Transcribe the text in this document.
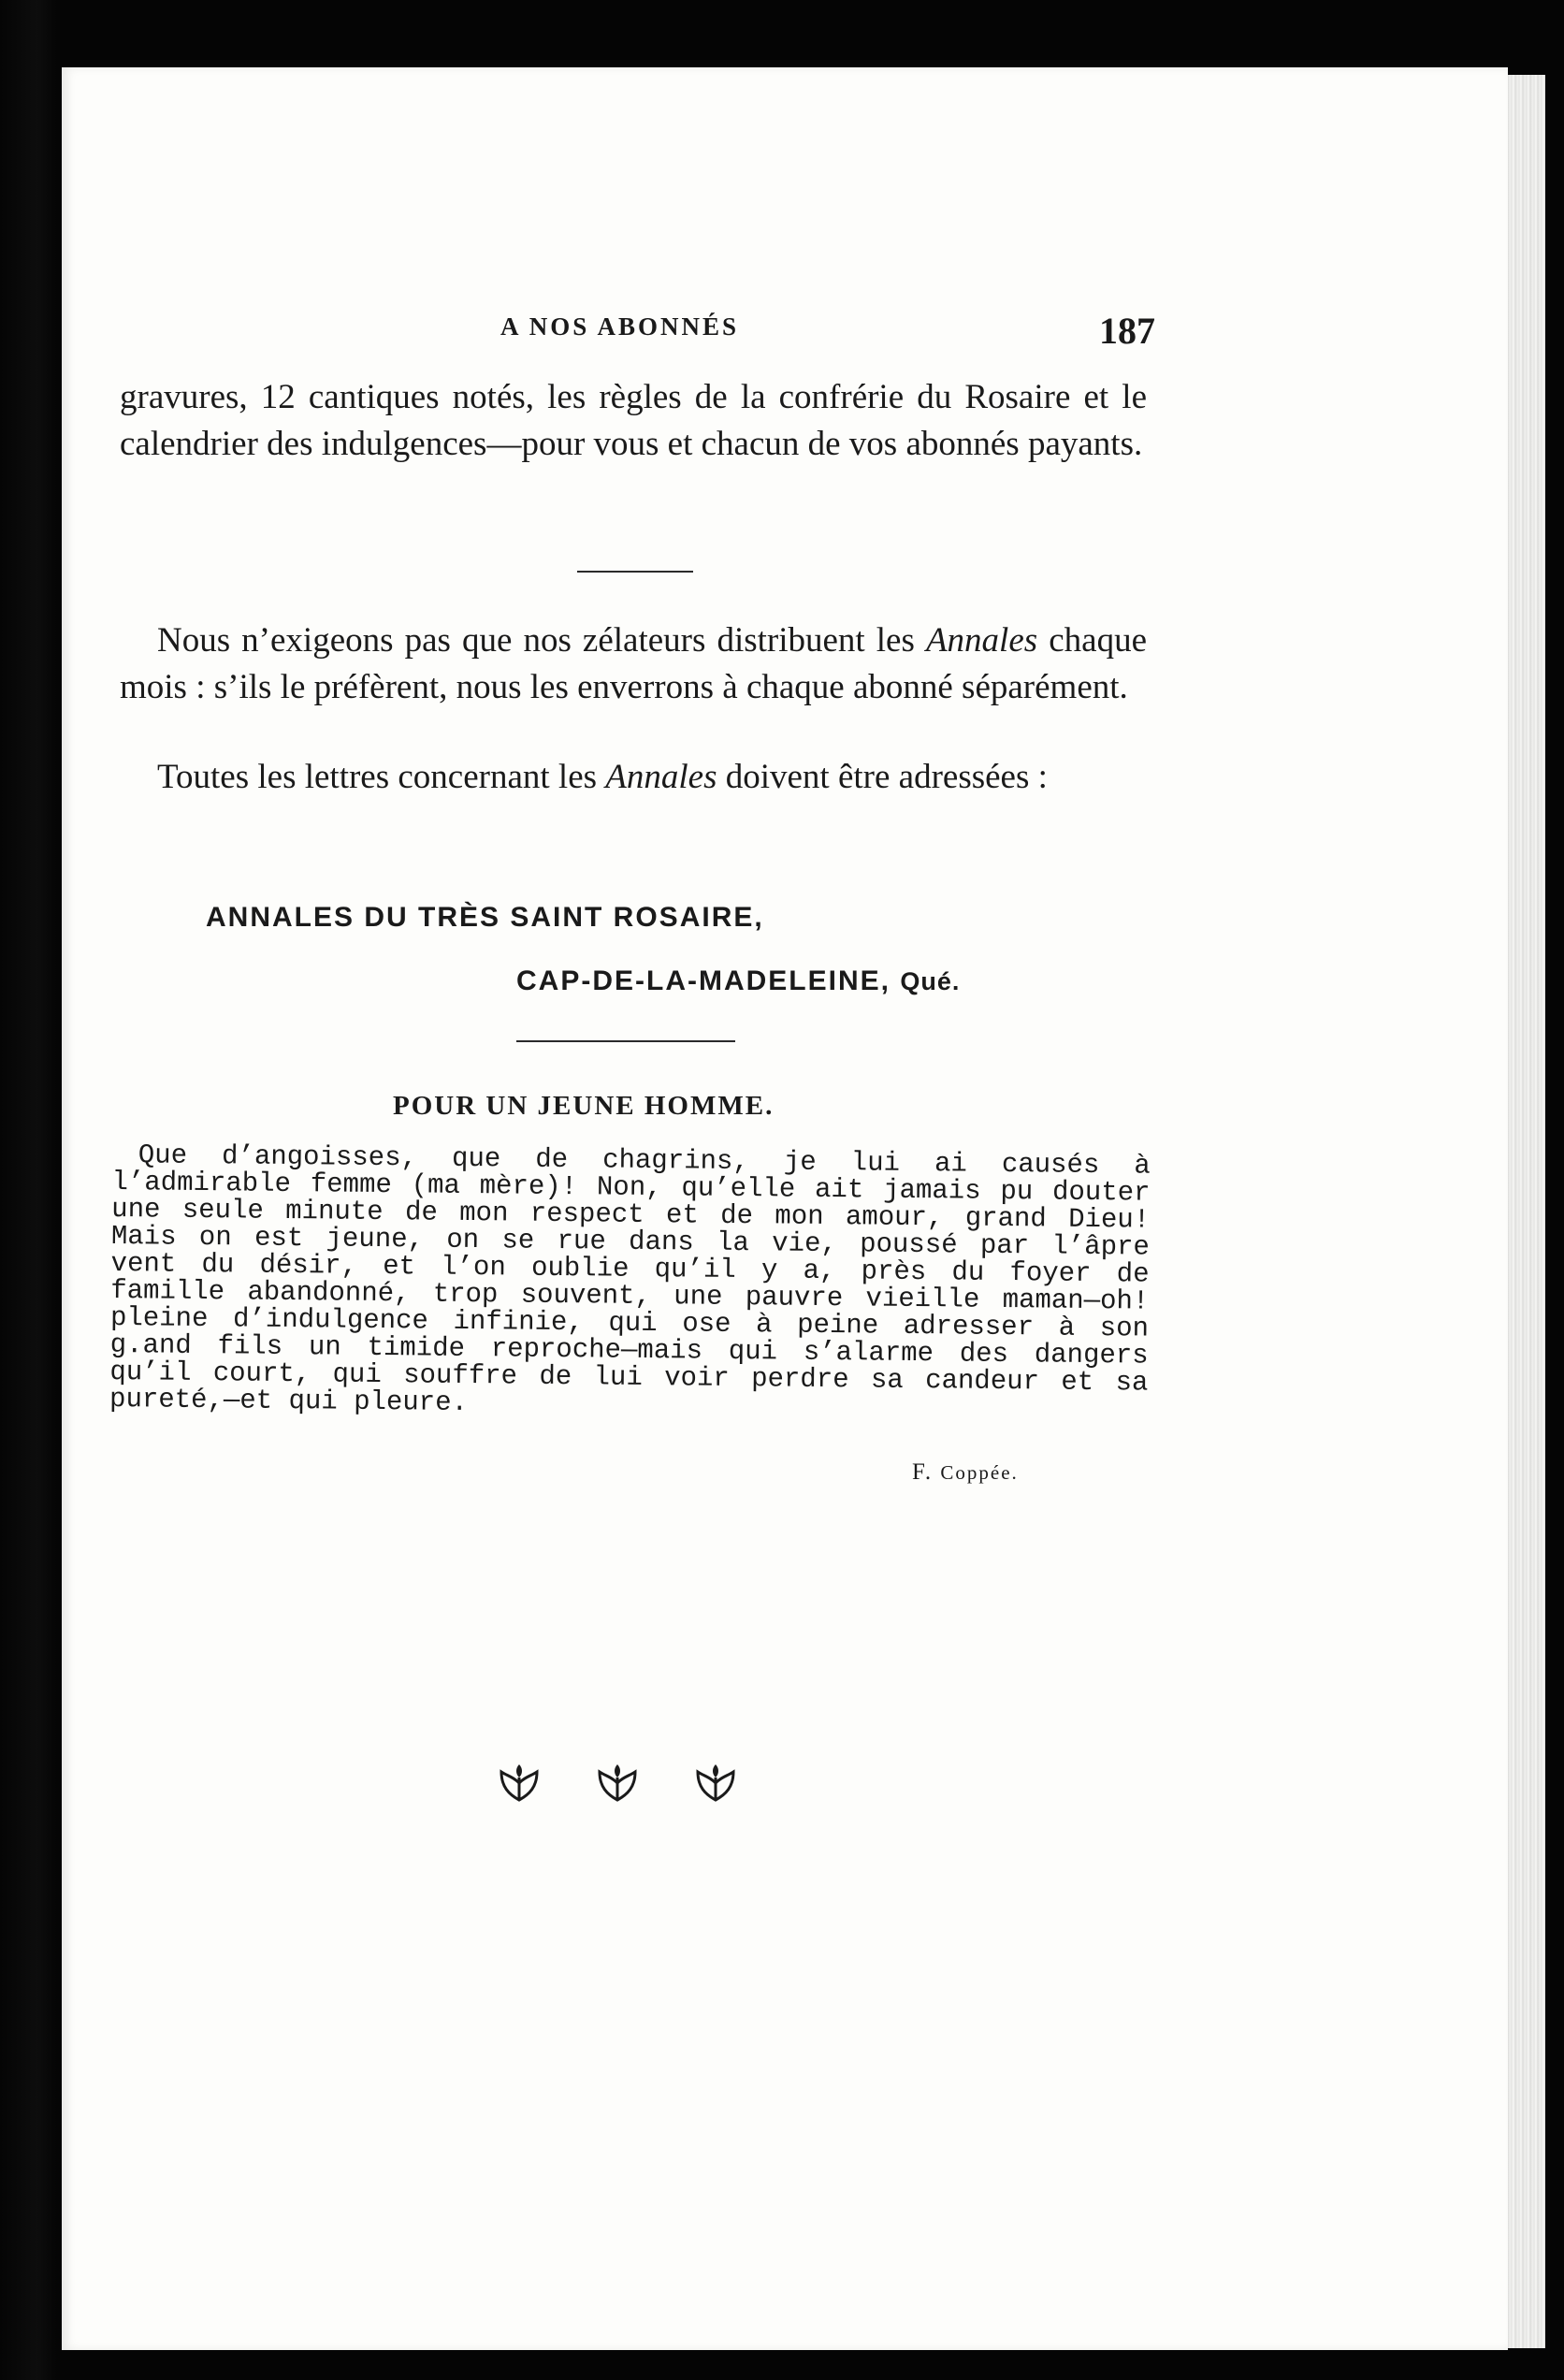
A NOS ABONNÉS	187
gravures, 12 cantiques notés, les règles de la confrérie du Rosaire et le calendrier des indulgences—pour vous et chacun de vos abonnés payants.
Nous n’exigeons pas que nos zélateurs distribuent les Annales chaque mois : s’ils le préfèrent, nous les enverrons à chaque abonné séparément.
Toutes les lettres concernant les Annales doivent être adressées :
ANNALES DU TRÈS SAINT ROSAIRE,
CAP-DE-LA-MADELEINE, Qué.
POUR UN JEUNE HOMME.
Que d’angoisses, que de chagrins, je lui ai causés à l’admirable femme (ma mère)! Non, qu’elle ait jamais pu douter une seule minute de mon respect et de mon amour, grand Dieu! Mais on est jeune, on se rue dans la vie, poussé par l’âpre vent du désir, et l’on oublie qu’il y a, près du foyer de famille abandonné, trop souvent, une pauvre vieille maman—oh! pleine d’indulgence infinie, qui ose à peine adresser à son g.and fils un timide reproche—mais qui s’alarme des dangers qu’il court, qui souffre de lui voir perdre sa candeur et sa pureté,—et qui pleure.
F. Coppée.
